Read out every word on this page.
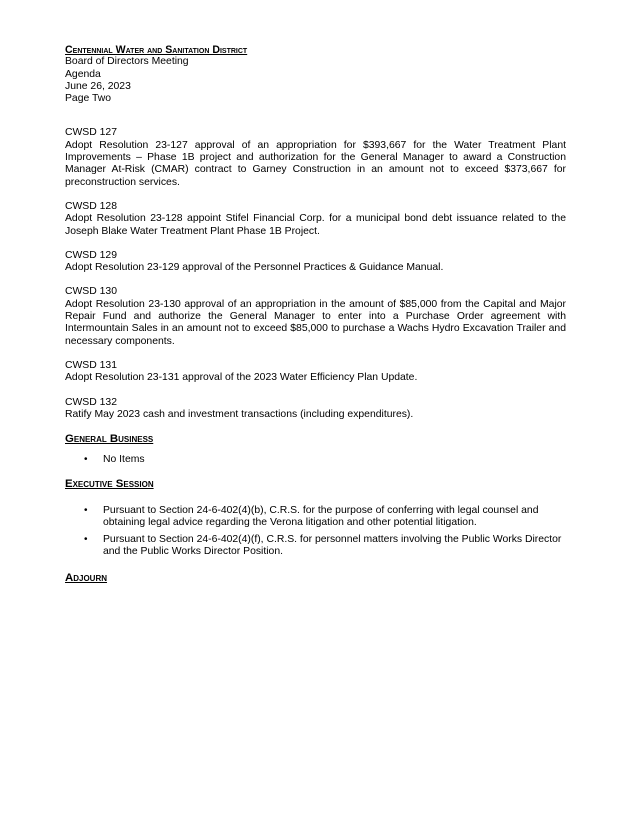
Centennial Water and Sanitation District

Board of Directors Meeting

Agenda

June 26, 2023

Page Two

CWSD 127
Adopt Resolution 23-127 approval of an appropriation for $393,667 for the Water Treatment Plant Improvements – Phase 1B project and authorization for the General Manager to award a Construction Manager At-Risk (CMAR) contract to Garney Construction in an amount not to exceed $373,667 for preconstruction services.
CWSD 128
Adopt Resolution 23-128 appoint Stifel Financial Corp. for a municipal bond debt issuance related to the Joseph Blake Water Treatment Plant Phase 1B Project.
CWSD 129
Adopt Resolution 23-129 approval of the Personnel Practices & Guidance Manual.
CWSD 130
Adopt Resolution 23-130 approval of an appropriation in the amount of $85,000 from the Capital and Major Repair Fund and authorize the General Manager to enter into a Purchase Order agreement with Intermountain Sales in an amount not to exceed $85,000 to purchase a Wachs Hydro Excavation Trailer and necessary components.
CWSD 131
Adopt Resolution 23-131 approval of the 2023 Water Efficiency Plan Update.
CWSD 132
Ratify May 2023 cash and investment transactions (including expenditures).

General Business

• No Items

Executive Session

• Pursuant to Section 24-6-402(4)(b), C.R.S. for the purpose of conferring with legal counsel and obtaining legal advice regarding the Verona litigation and other potential litigation.
• Pursuant to Section 24-6-402(4)(f), C.R.S. for personnel matters involving the Public Works Director and the Public Works Director Position.

Adjourn
